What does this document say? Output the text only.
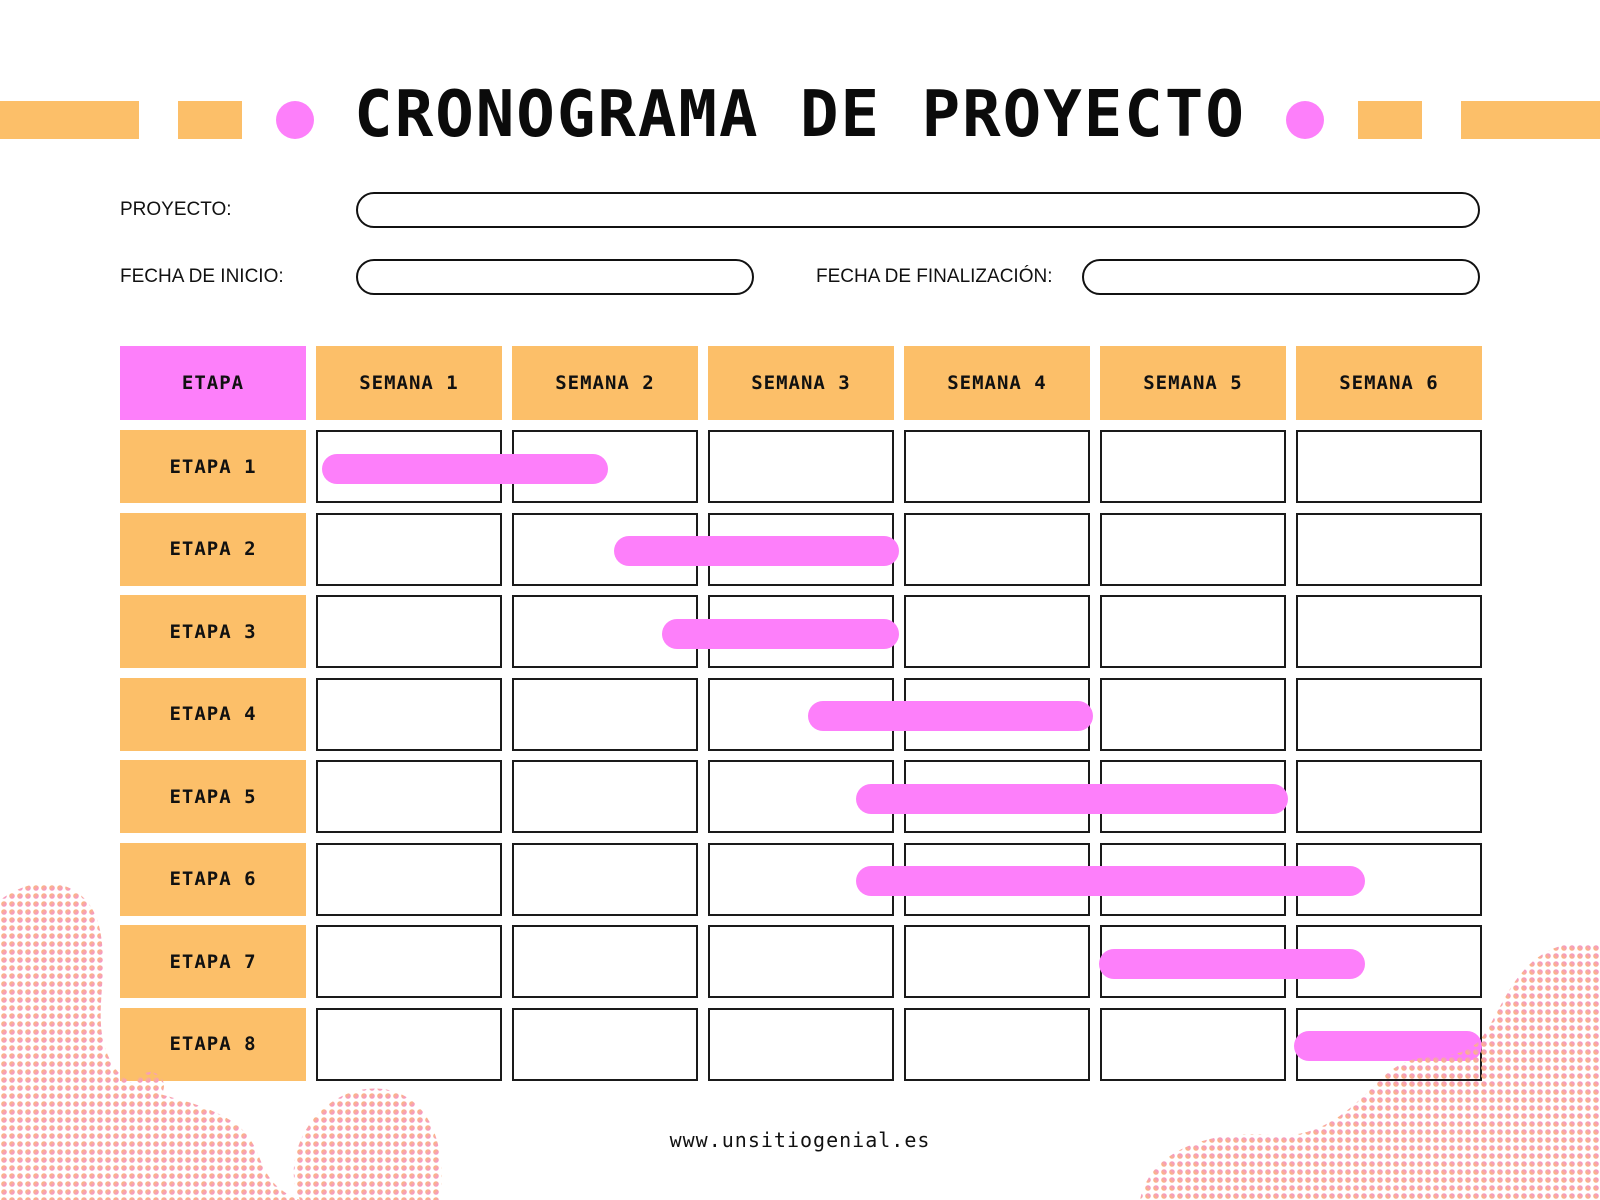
CRONOGRAMA DE PROYECTO
PROYECTO:
FECHA DE INICIO:	FECHA DE FINALIZACIÓN:
ETAPA	SEMANA 1	SEMANA 2	SEMANA 3	SEMANA 4	SEMANA 5	SEMANA 6
ETAPA 1
ETAPA 2
ETAPA 3
ETAPA 4
ETAPA 5
ETAPA 6
ETAPA 7
ETAPA 8
www.unsitiogenial.es
